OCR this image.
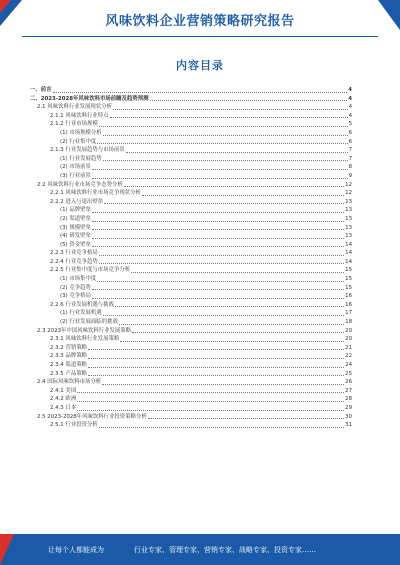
风味饮料企业营销策略研究报告
内容目录
一、前言	4
二、2023-2028年风味饮料市场前瞻及趋势预测	4
2.1 风味饮料行业发展现状分析	4
2.1.1 风味饮料行业特点	4
2.1.2 行业市场规模	5
(1) 市场规模分析	6
(2) 行业集中度	6
2.1.3 行业发展趋势与市场前景	7
(1) 行业发展趋势	7
(2) 市场前景	8
(3) 行业前景	9
2.2 风味饮料行业市场竞争态势分析	12
2.2.1 风味饮料行业市场竞争现状分析	12
2.2.2 进入与退出壁垒	13
(1) 品牌壁垒	13
(2) 渠道壁垒	13
(3) 规模壁垒	13
(4) 研发壁垒	13
(5) 资金壁垒	14
2.2.3 行业竞争格局	14
2.2.4 行业竞争趋势	14
2.2.5 行业集中度与市场竞争分析	15
(1) 市场集中度	15
(2) 竞争趋势	15
(3) 竞争格局	16
2.2.6 行业发展机遇与挑战	16
(1) 行业发展机遇	17
(2) 行业发展面临的挑战	18
2.3 2023年中国风味饮料行业发展策略	20
2.3.1 风味饮料行业发展策略	20
2.3.2 营销策略	21
2.3.3 品牌策略	22
2.3.4 渠道策略	24
2.3.5 产品策略	25
2.4 国际风味饮料市场分析	26
2.4.1 美国	27
2.4.2 欧洲	28
2.4.3 日本	29
2.5 2023-2028年风味饮料行业投资策略分析	30
2.5.1 行业投资分析	31
让每个人都能成为	行业专家、管理专家、营销专家、战略专家、投资专家……
